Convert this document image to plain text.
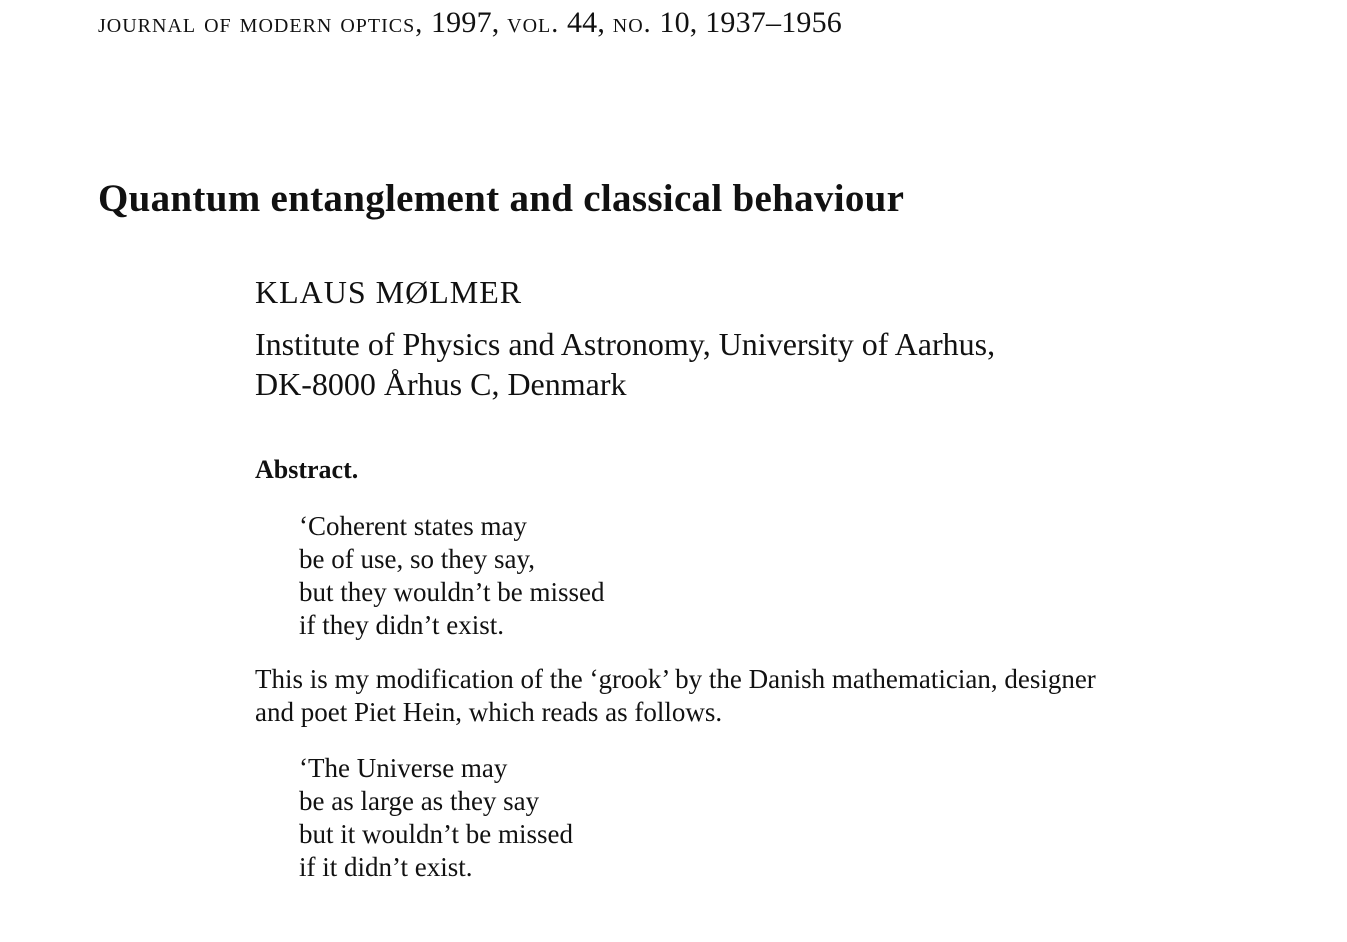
journal of modern optics, 1997, vol. 44, no. 10, 1937–1956
Quantum entanglement and classical behaviour
KLAUS MØLMER
Institute of Physics and Astronomy, University of Aarhus,
DK-8000 Århus C, Denmark
Abstract.
‘Coherent states may
be of use, so they say,
but they wouldn’t be missed
if they didn’t exist.
This is my modification of the ‘grook’ by the Danish mathematician, designer
and poet Piet Hein, which reads as follows.
‘The Universe may
be as large as they say
but it wouldn’t be missed
if it didn’t exist.
